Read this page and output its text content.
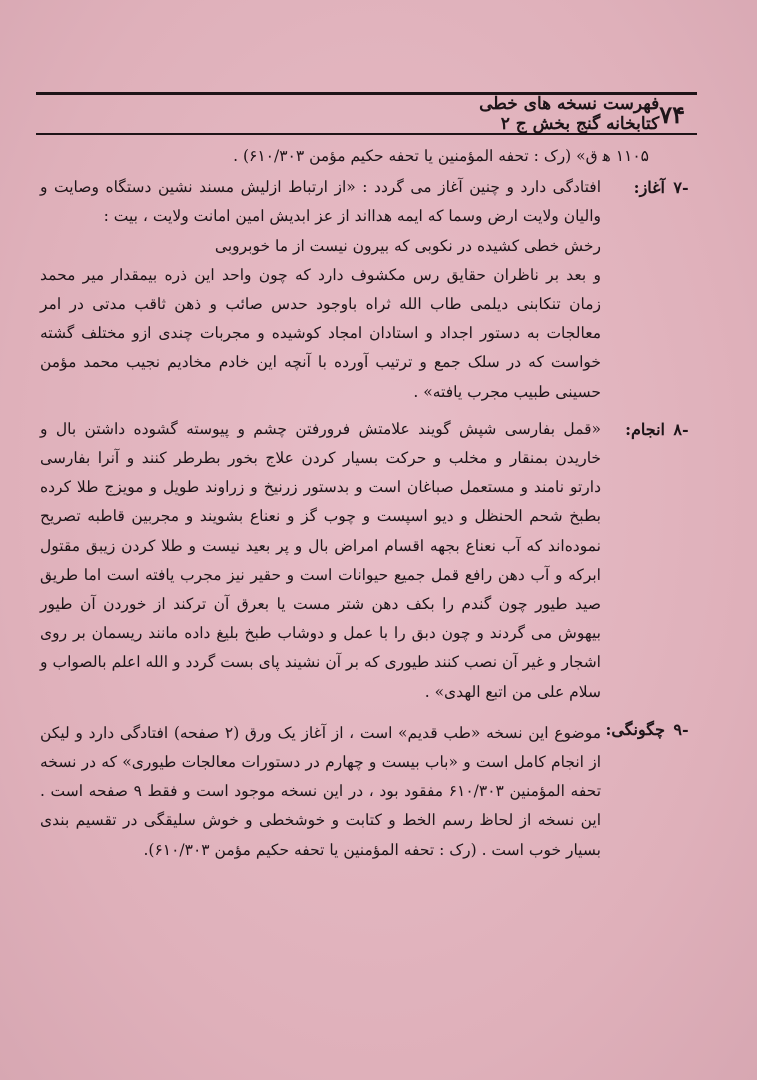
۷۴
فهرست نسخه های خطی کتابخانه گنج بخش ج ۲

۱۱۰۵ ه‍ ق» (رک : تحفه المؤمنین یا تحفه حکیم مؤمن ۶۱۰/۳۰۳) .

-۷آغاز:

افتادگی دارد و چنین آغاز می گردد : «از ارتباط ازلیش مسند نشین دستگاه وصایت و والیان ولایت ارض وسما که ایمه هدااند از عز ابدیش امین امانت ولایت ، بیت :

رخش خطی کشیده در نکوبی که بیرون نیست از ما خوبروبی

و بعد بر ناظران حقایق رس مکشوف دارد که چون واحد این ذره بیمقدار میر محمد زمان تنکابنی دیلمی طاب الله ثراه باوجود حدس صائب و ذهن ثاقب مدتی در امر معالجات به دستور اجداد و استادان امجاد کوشیده و مجربات چندی ازو مختلف گشته خواست که در سلک جمع و ترتیب آورده با آنچه این خادم مخادیم نجیب محمد مؤمن حسینی طبیب مجرب یافته» .

-۸انجام:

«قمل بفارسی شپش گویند علامتش فرورفتن چشم و پیوسته گشوده داشتن بال و خاریدن بمنقار و مخلب و حرکت بسیار کردن علاج بخور بطرطر کنند و آنرا بفارسی دارتو نامند و مستعمل صباغان است و بدستور زرنیخ و زراوند طویل و مویزج طلا کرده بطبخ شحم الحنظل و دیو اسپست و چوب گز و نعناع بشویند و مجربین قاطبه تصریح نموده‌اند که آب نعناع بجهه اقسام امراض بال و پر بعید نیست و طلا کردن زیبق مقتول ابرکه و آب دهن رافع قمل جمیع حیوانات است و حقیر نیز مجرب یافته است اما طریق صید طیور چون گندم را بکف دهن شتر مست یا بعرق آن ترکند از خوردن آن طیور بیهوش می گردند و چون دبق را با عمل و دوشاب طبخ بلیغ داده مانند ریسمان بر روی اشجار و غیر آن نصب کنند طیوری که بر آن نشیند پای بست گردد و الله اعلم بالصواب و سلام علی من اتبع الهدی» .

-۹چگونگی:

موضوع این نسخه «طب قدیم» است ، از آغاز یک ورق (۲ صفحه) افتادگی دارد و لیکن از انجام کامل است و «باب بیست و چهارم در دستورات معالجات طیوری» که در نسخه تحفه المؤمنین ۶۱۰/۳۰۳ مفقود بود ، در این نسخه موجود است و فقط ۹ صفحه است . این نسخه از لحاظ رسم الخط و کتابت و خوشخطی و خوش سلیقگی در تقسیم بندی بسیار خوب است . (رک : تحفه المؤمنین یا تحفه حکیم مؤمن ۶۱۰/۳۰۳).
